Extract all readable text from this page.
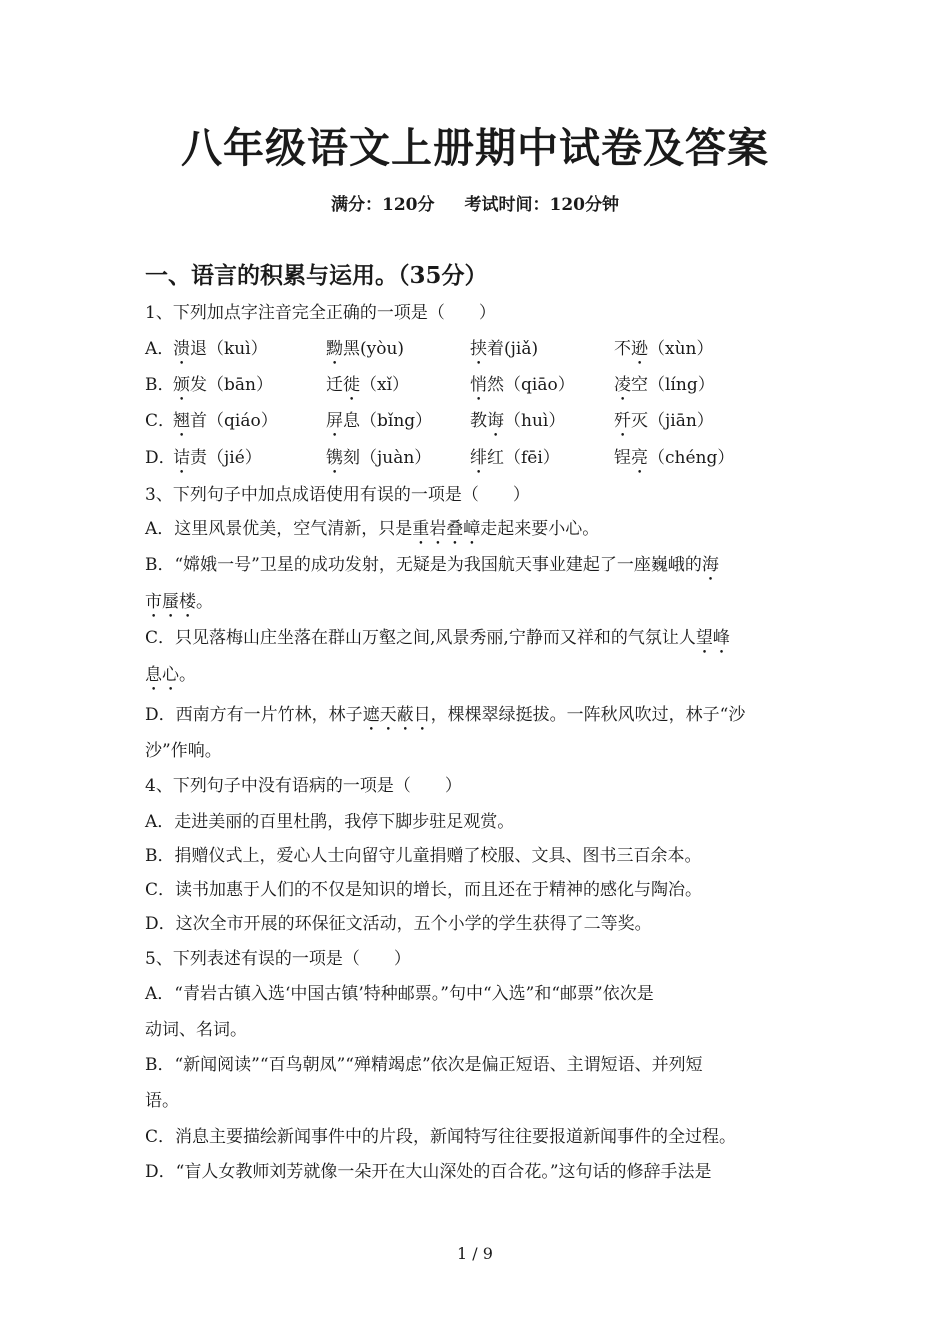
八年级语文上册期中试卷及答案
满分：120分 考试时间：120分钟
一、语言的积累与运用。（35分）
1、下列加点字注音完全正确的一项是（　　）
A．
溃退（kuì）	黝黑(yòu)	挟着(jiǎ)	不逊（xùn）
B．
颁发（bān）	迁徙（xǐ）	悄然（qiāo） 凌空（líng）
C．
翘首（qiáo）	屏息（bǐng） 教诲（huì）	歼灭（jiān）
D．
诘责（jié）	镌刻（juàn） 绯红（fēi）	锃亮（chéng）
3、下列句子中加点成语使用有误的一项是（　　）
A．这里风景优美，空气清新，只是重岩叠嶂走起来要小心。
B．“嫦娥一号”卫星的成功发射，无疑是为我国航天事业建起了一座巍峨的海
市蜃楼。
C．只见落梅山庄坐落在群山万壑之间,风景秀丽,宁静而又祥和的气氛让人望峰
息心。
D．西南方有一片竹林，林子遮天蔽日，棵棵翠绿挺拔。一阵秋风吹过，林子“沙
沙”作响。
4、下列句子中没有语病的一项是（　　）
A．走进美丽的百里杜鹃，我停下脚步驻足观赏。
B．捐赠仪式上，爱心人士向留守儿童捐赠了校服、文具、图书三百余本。
C．读书加惠于人们的不仅是知识的增长，而且还在于精神的感化与陶冶。
D．这次全市开展的环保征文活动，五个小学的学生获得了二等奖。
5、下列表述有误的一项是（　　）
A．“青岩古镇入选‘中国古镇’特种邮票。”句中“入选”和“邮票”依次是
动词、名词。
B．“新闻阅读”“百鸟朝凤”“殚精竭虑”依次是偏正短语、主谓短语、并列短
语。
C．消息主要描绘新闻事件中的片段，新闻特写往往要报道新闻事件的全过程。
D．“盲人女教师刘芳就像一朵开在大山深处的百合花。”这句话的修辞手法是
1 / 9
